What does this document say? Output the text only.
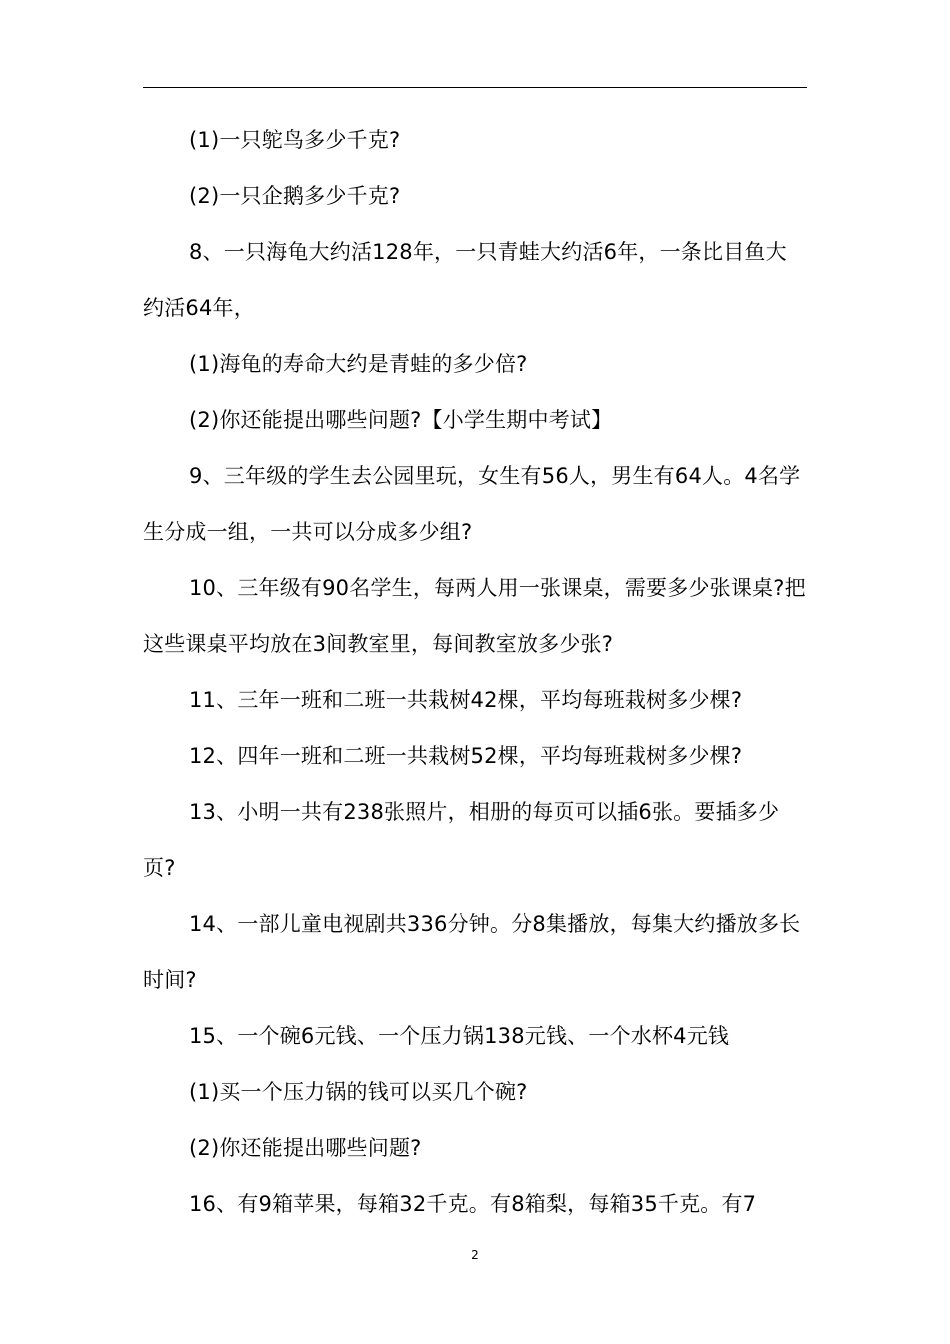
(1)一只鸵鸟多少千克?

(2)一只企鹅多少千克?

8、一只海龟大约活128年，一只青蛙大约活6年，一条比目鱼大约活64年，

(1)海龟的寿命大约是青蛙的多少倍?

(2)你还能提出哪些问题?【小学生期中考试】

9、三年级的学生去公园里玩，女生有56人，男生有64人。4名学生分成一组，一共可以分成多少组?

10、三年级有90名学生，每两人用一张课桌，需要多少张课桌?把这些课桌平均放在3间教室里，每间教室放多少张?

11、三年一班和二班一共栽树42棵，平均每班栽树多少棵?

12、四年一班和二班一共栽树52棵，平均每班栽树多少棵?

13、小明一共有238张照片，相册的每页可以插6张。要插多少页?

14、一部儿童电视剧共336分钟。分8集播放，每集大约播放多长时间?

15、一个碗6元钱、一个压力锅138元钱、一个水杯4元钱

(1)买一个压力锅的钱可以买几个碗?

(2)你还能提出哪些问题?

16、有9箱苹果，每箱32千克。有8箱梨，每箱35千克。有7

2
